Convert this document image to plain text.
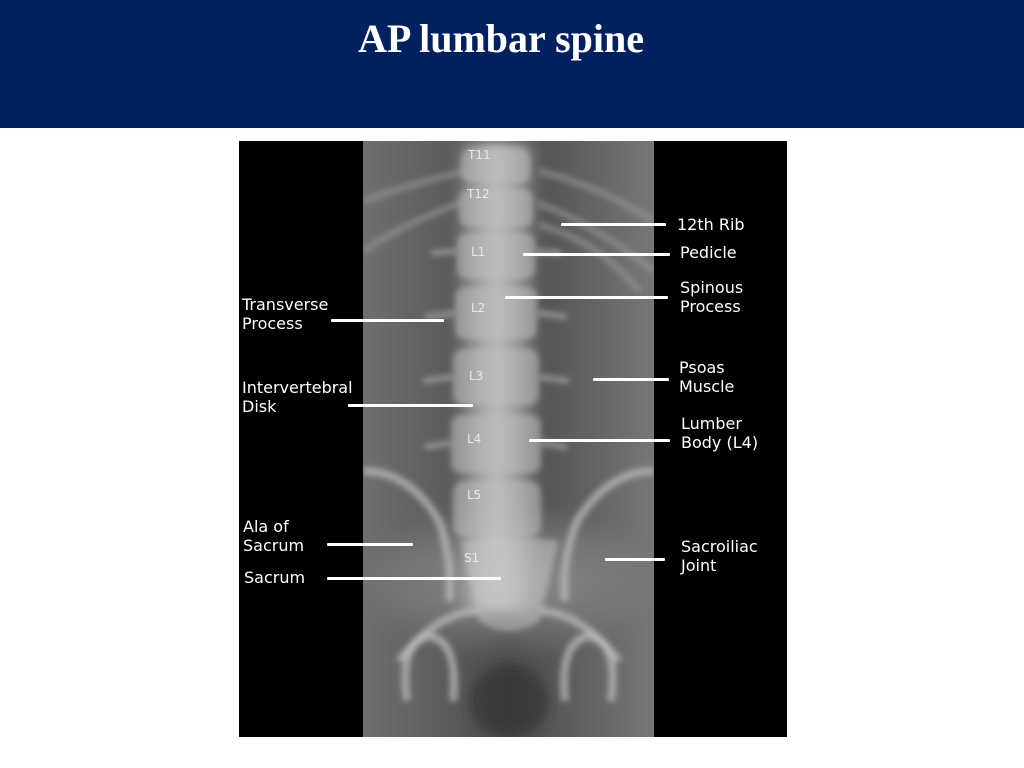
AP lumbar spine
T11
T12
L1
L2
L3
L4
L5
S1
Transverse
Process
Intervertebral
Disk
Ala of
Sacrum
Sacrum
12th Rib
Pedicle
Spinous
Process
Psoas
Muscle
Lumber
Body (L4)
Sacroiliac
Joint
